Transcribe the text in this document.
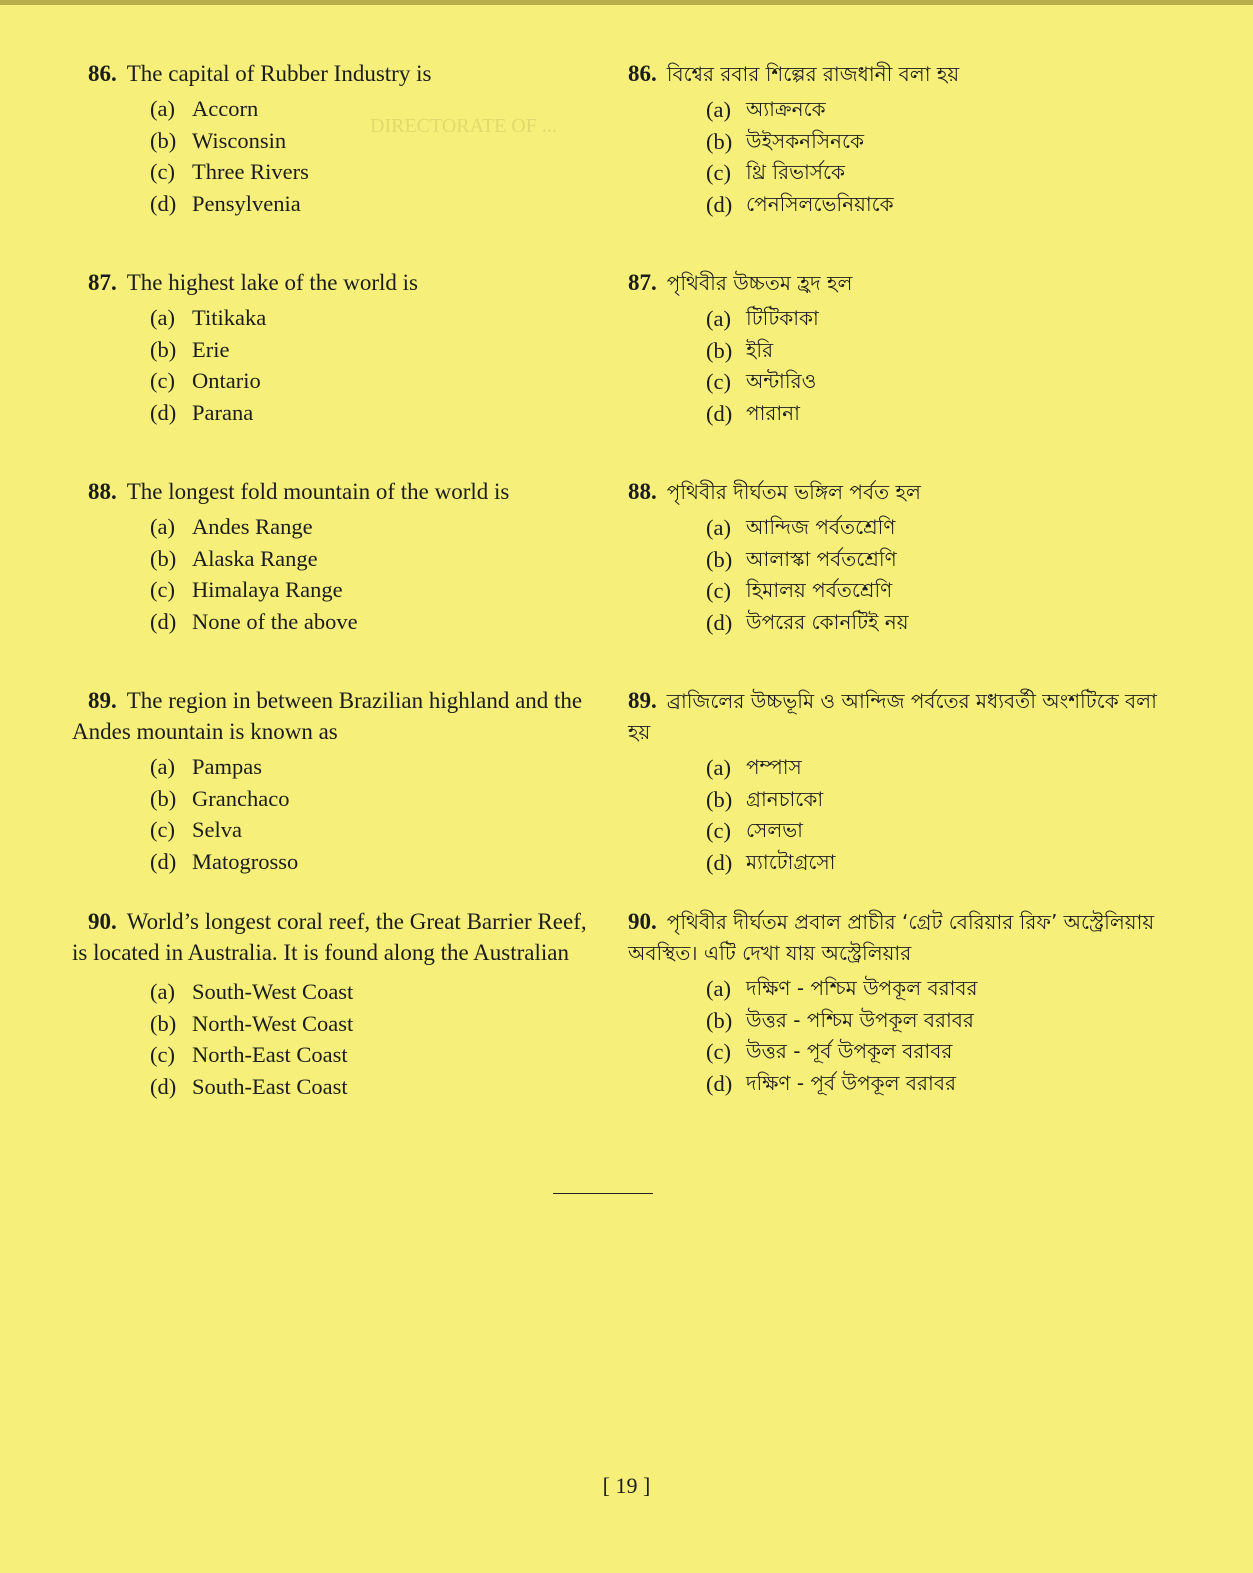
DIRECTORATE OF ...

86. The capital of Rubber Industry is

(a) Accorn
(b) Wisconsin
(c) Three Rivers
(d) Pensylvenia

87. The highest lake of the world is

(a) Titikaka
(b) Erie
(c) Ontario
(d) Parana

88. The longest fold mountain of the world is

(a) Andes Range
(b) Alaska Range
(c) Himalaya Range
(d) None of the above

89. The region in between Brazilian highland and the Andes mountain is known as

(a) Pampas
(b) Granchaco
(c) Selva
(d) Matogrosso

90. World’s longest coral reef, the Great Barrier Reef, is located in Australia. It is found along the Australian

(a) South-West Coast
(b) North-West Coast
(c) North-East Coast
(d) South-East Coast

86. বিশ্বের রবার শিল্পের রাজধানী বলা হয়

(a) অ্যাক্রনকে
(b) উইসকনসিনকে
(c) থ্রি রিভার্সকে
(d) পেনসিলভেনিয়াকে

87. পৃথিবীর উচ্চতম হ্রদ হল

(a) টিটিকাকা
(b) ইরি
(c) অন্টারিও
(d) পারানা

88. পৃথিবীর দীর্ঘতম ভঙ্গিল পর্বত হল

(a) আন্দিজ পর্বতশ্রেণি
(b) আলাস্কা পর্বতশ্রেণি
(c) হিমালয় পর্বতশ্রেণি
(d) উপরের কোনটিই নয়

89. ব্রাজিলের উচ্চভূমি ও আন্দিজ পর্বতের মধ্যবর্তী অংশটিকে বলা হয়

(a) পম্পাস
(b) গ্রানচাকো
(c) সেলভা
(d) ম্যাটোগ্রসো

90. পৃথিবীর দীর্ঘতম প্রবাল প্রাচীর ‘গ্রেট বেরিয়ার রিফ’ অস্ট্রেলিয়ায় অবস্থিত। এটি দেখা যায় অস্ট্রেলিয়ার

(a) দক্ষিণ - পশ্চিম উপকূল বরাবর
(b) উত্তর - পশ্চিম উপকূল বরাবর
(c) উত্তর - পূর্ব উপকূল বরাবর
(d) দক্ষিণ - পূর্ব উপকূল বরাবর
[ 19 ]
